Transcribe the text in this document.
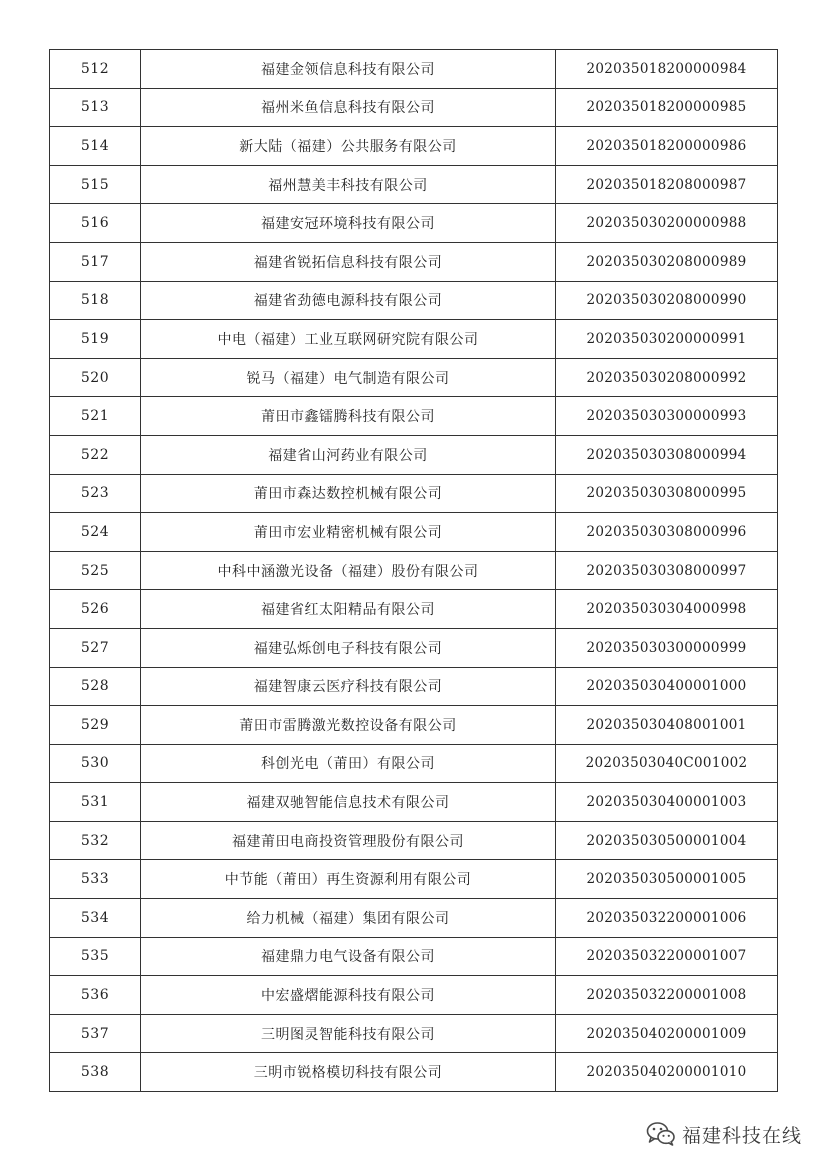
512	福建金领信息科技有限公司	202035018200000984
513	福州米鱼信息科技有限公司	202035018200000985
514	新大陆（福建）公共服务有限公司	202035018200000986
515	福州慧美丰科技有限公司	202035018208000987
516	福建安冠环境科技有限公司	202035030200000988
517	福建省锐拓信息科技有限公司	202035030208000989
518	福建省劲德电源科技有限公司	202035030208000990
519	中电（福建）工业互联网研究院有限公司	202035030200000991
520	锐马（福建）电气制造有限公司	202035030208000992
521	莆田市鑫镭腾科技有限公司	202035030300000993
522	福建省山河药业有限公司	202035030308000994
523	莆田市森达数控机械有限公司	202035030308000995
524	莆田市宏业精密机械有限公司	202035030308000996
525	中科中涵激光设备（福建）股份有限公司	202035030308000997
526	福建省红太阳精品有限公司	202035030304000998
527	福建弘烁创电子科技有限公司	202035030300000999
528	福建智康云医疗科技有限公司	202035030400001000
529	莆田市雷腾激光数控设备有限公司	202035030408001001
530	科创光电（莆田）有限公司	20203503040C001002
531	福建双驰智能信息技术有限公司	202035030400001003
532	福建莆田电商投资管理股份有限公司	202035030500001004
533	中节能（莆田）再生资源利用有限公司	202035030500001005
534	给力机械（福建）集团有限公司	202035032200001006
535	福建鼎力电气设备有限公司	202035032200001007
536	中宏盛熠能源科技有限公司	202035032200001008
537	三明图灵智能科技有限公司	202035040200001009
538	三明市锐格模切科技有限公司	202035040200001010
福建科技在线
